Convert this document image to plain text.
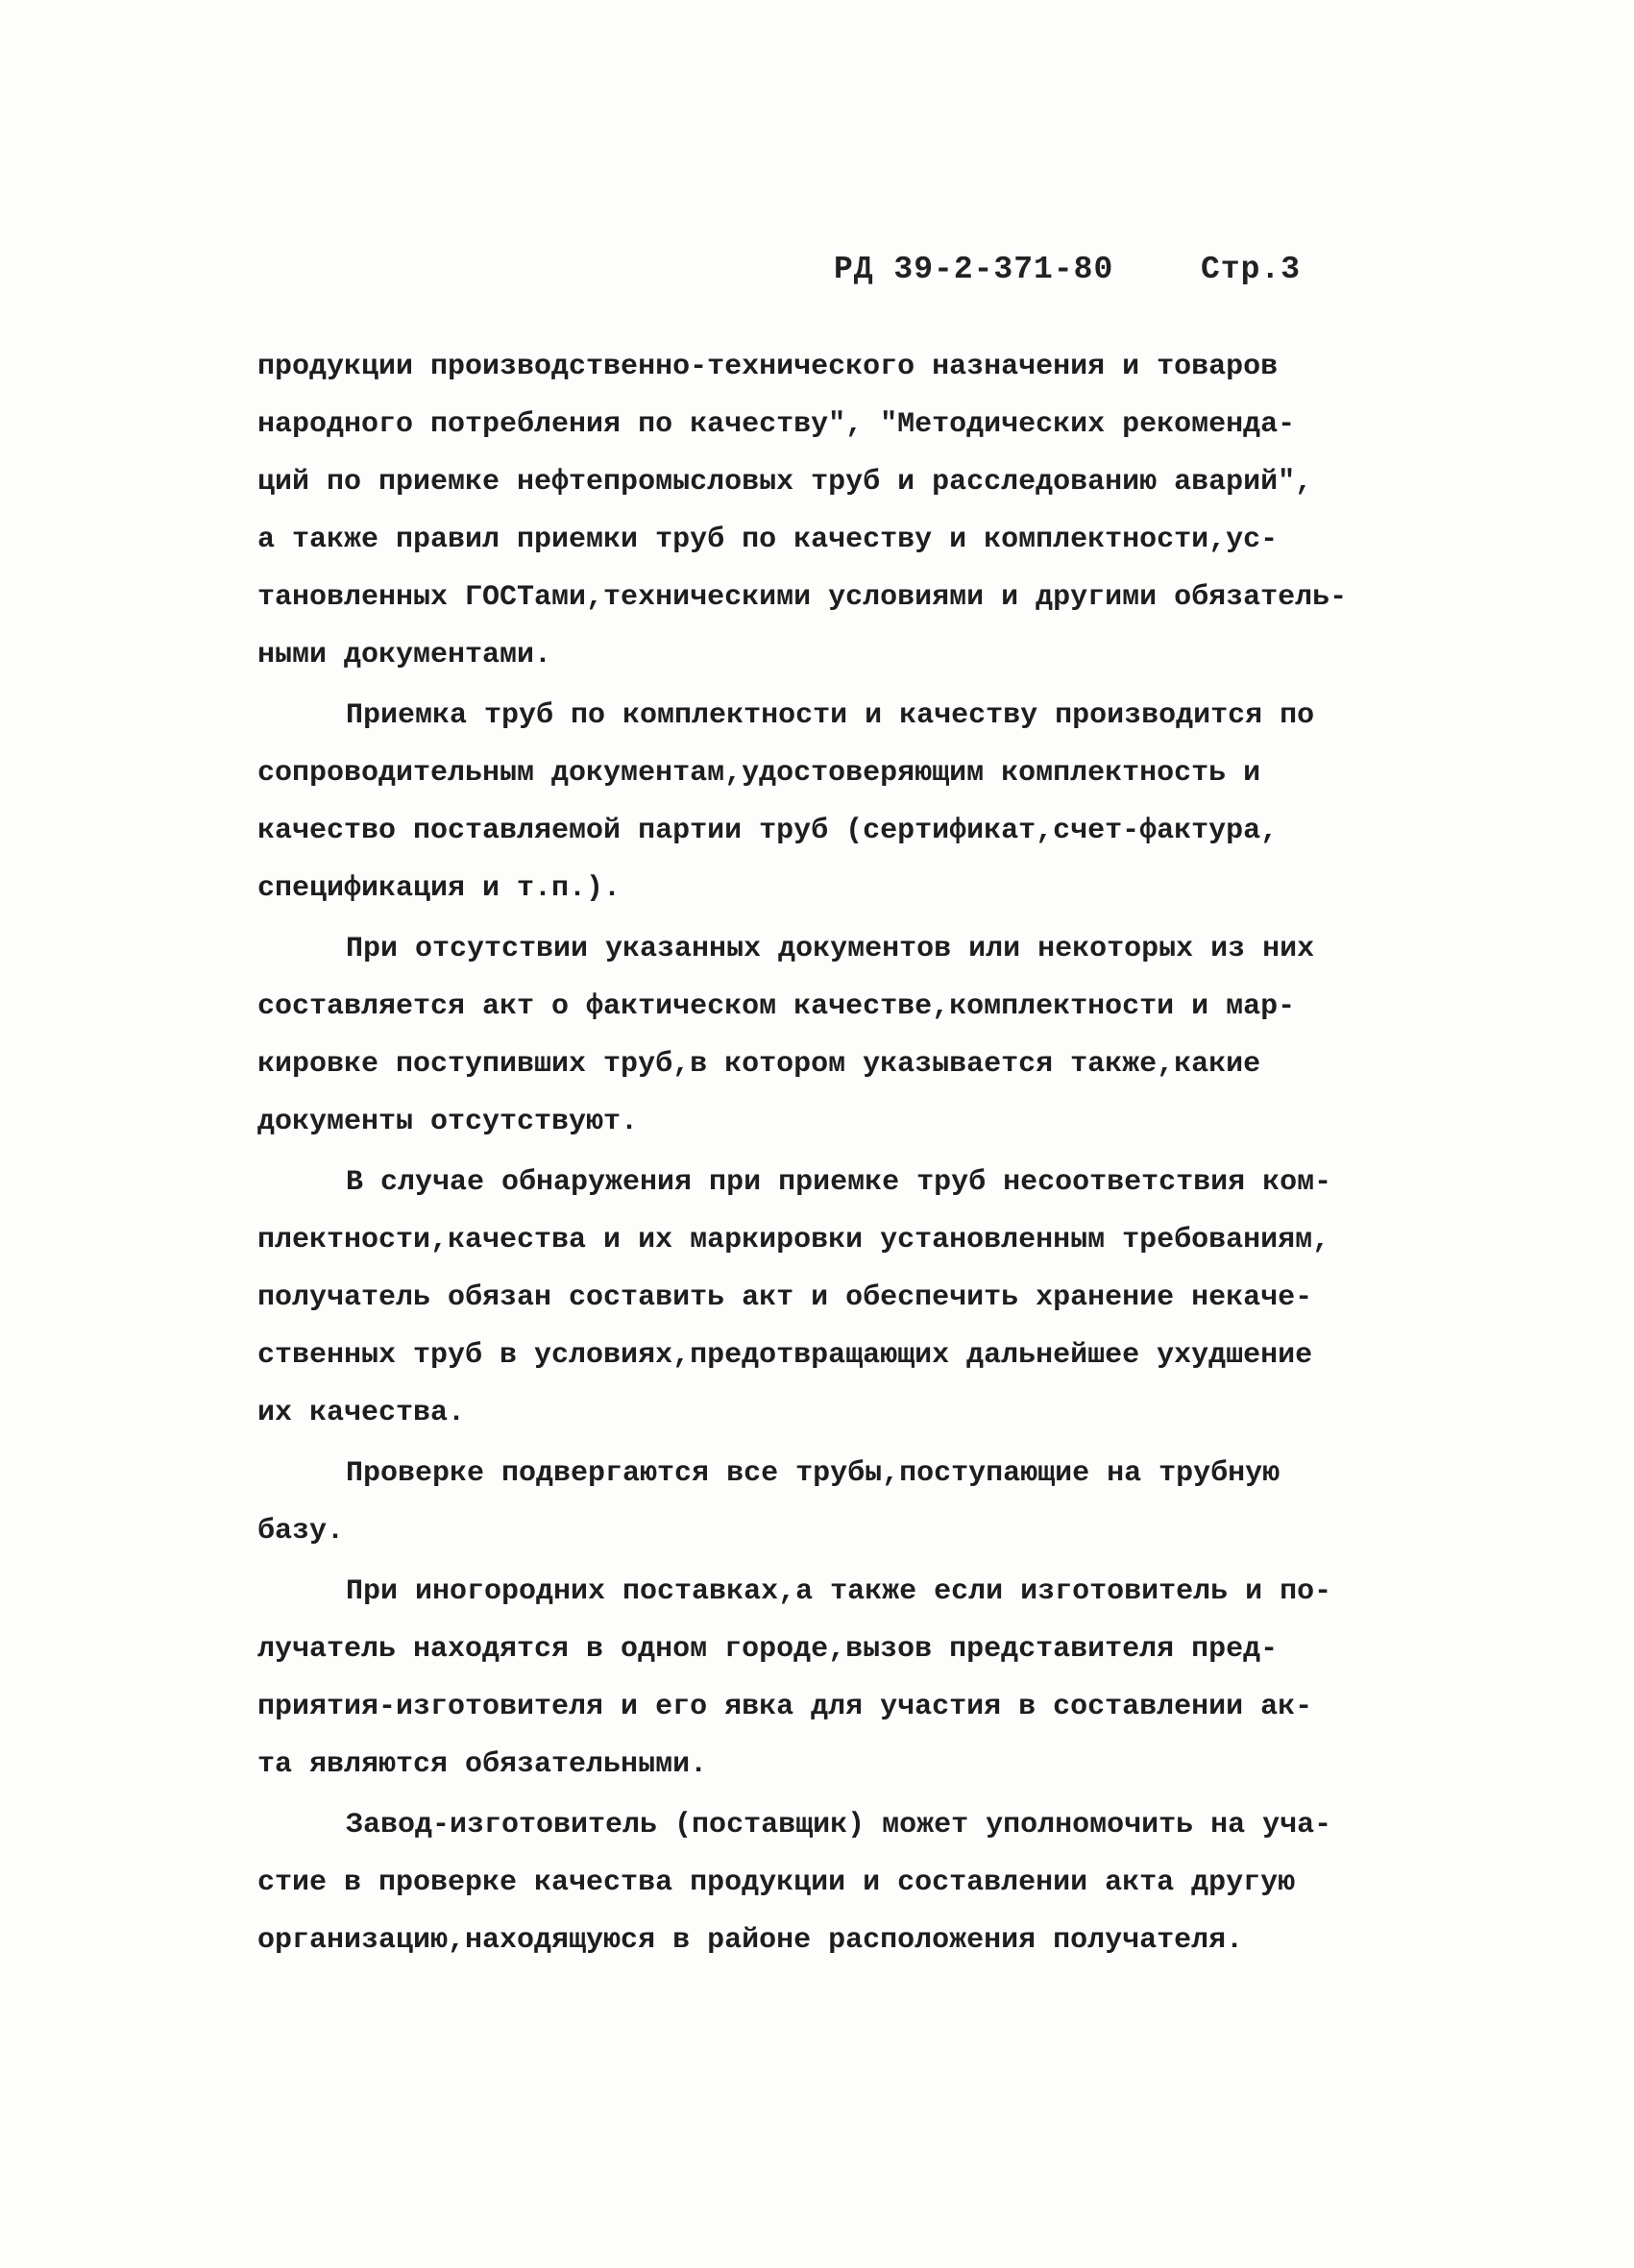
РД 39-2-371-80	Стр.3
продукции производственно-технического назначения и товаров
народного потребления по качеству", "Методических рекоменда-
ций по приемке нефтепромысловых труб и расследованию аварий",
а также правил приемки труб по качеству и комплектности,ус-
тановленных ГОСТами,техническими условиями и другими обязатель-
ными документами.
Приемка труб по комплектности и качеству производится по
сопроводительным документам,удостоверяющим комплектность и
качество поставляемой партии труб (сертификат,счет-фактура,
спецификация и т.п.).
При отсутствии указанных документов или некоторых из них
составляется акт о фактическом качестве,комплектности и мар-
кировке поступивших труб,в котором указывается также,какие
документы отсутствуют.
В случае обнаружения при приемке труб несоответствия ком-
плектности,качества и их маркировки установленным требованиям,
получатель обязан составить акт и обеспечить хранение некаче-
ственных труб в условиях,предотвращающих дальнейшее ухудшение
их качества.
Проверке подвергаются все трубы,поступающие на трубную
базу.
При иногородних поставках,а также если изготовитель и по-
лучатель находятся в одном городе,вызов представителя пред-
приятия-изготовителя и его явка для участия в составлении ак-
та являются обязательными.
Завод-изготовитель (поставщик) может уполномочить на уча-
стие в проверке качества продукции и составлении акта другую
организацию,находящуюся в районе расположения получателя.
